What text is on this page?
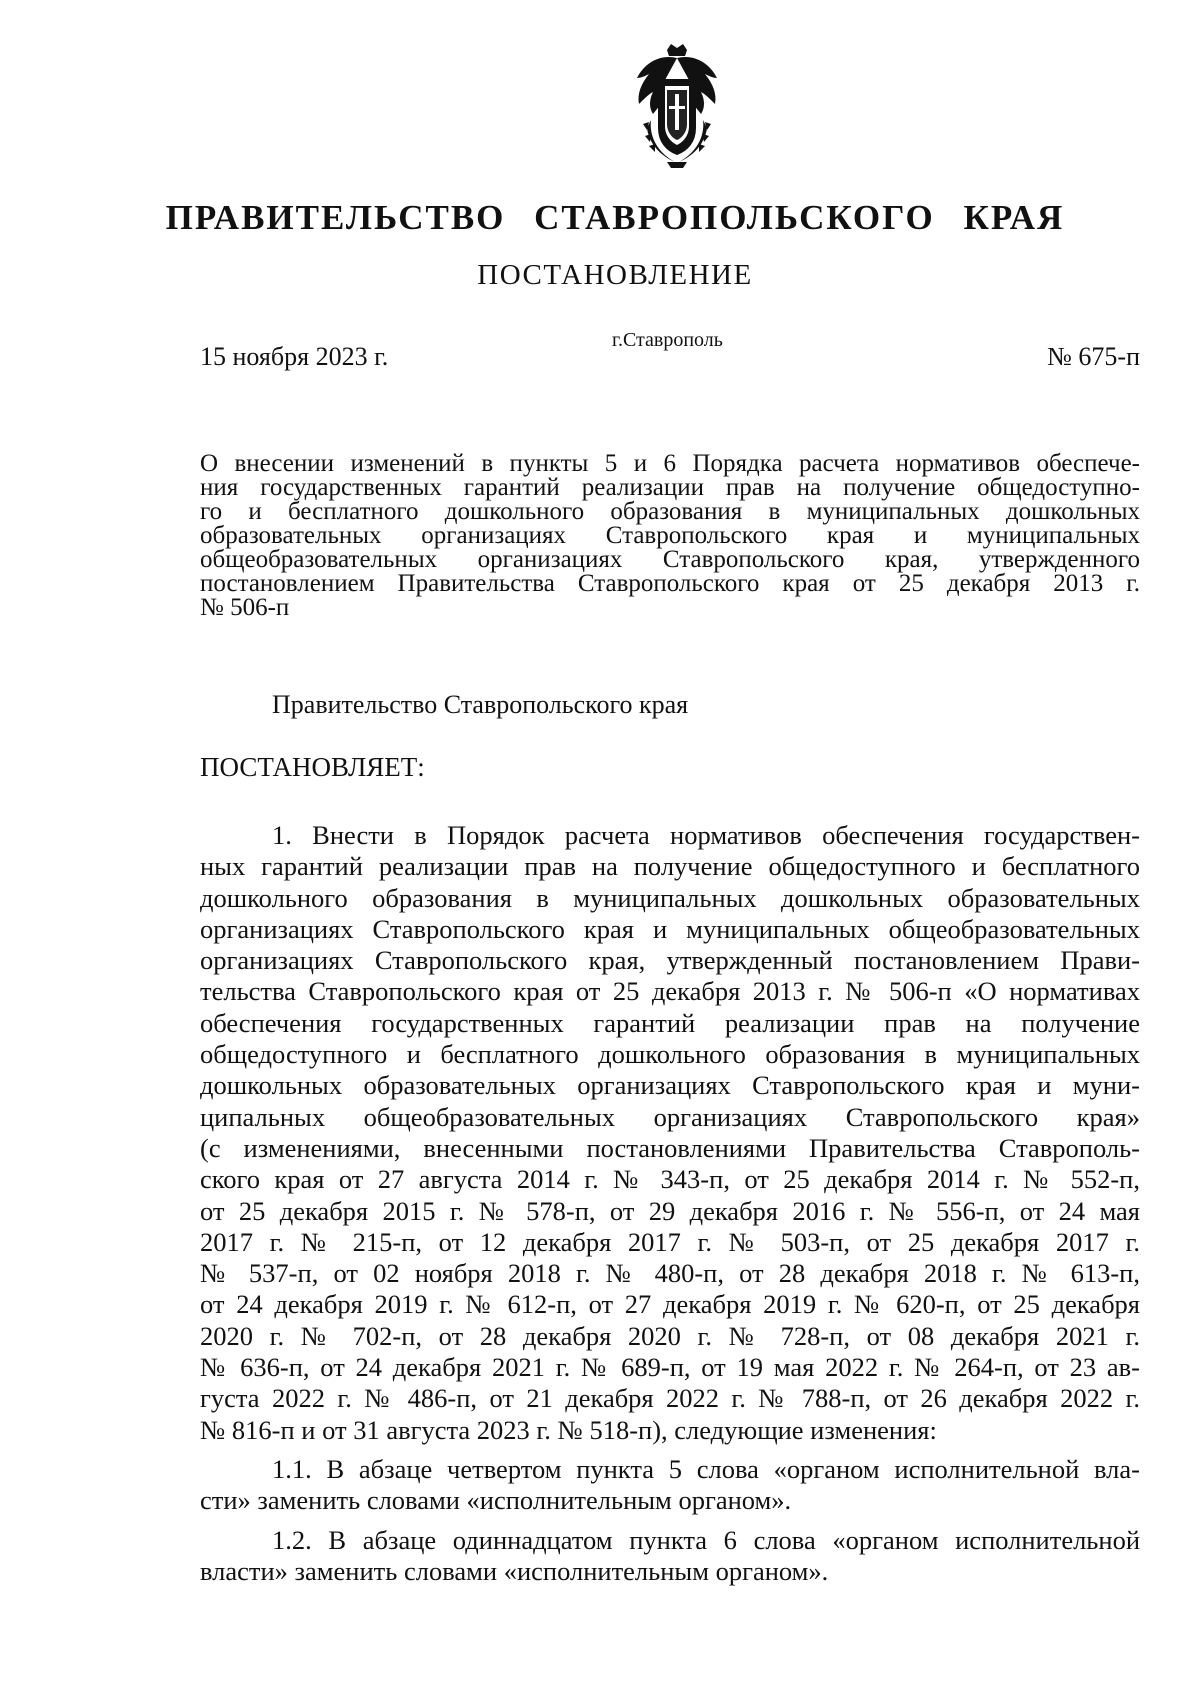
ПРАВИТЕЛЬСТВО СТАВРОПОЛЬСКОГО КРАЯ
ПОСТАНОВЛЕНИЕ
15 ноября 2023 г.
г.Ставрополь
№ 675-п
О внесении изменений в пункты 5 и 6 Порядка расчета нормативов обеспече-
ния государственных гарантий реализации прав на получение общедоступно-
го и бесплатного дошкольного образования в муниципальных дошкольных
образовательных организациях Ставропольского края и муниципальных
общеобразовательных организациях Ставропольского края, утвержденного
постановлением Правительства Ставропольского края от 25 декабря 2013 г.
№ 506-п
Правительство Ставропольского края
ПОСТАНОВЛЯЕТ:
1. Внести в Порядок расчета нормативов обеспечения государствен-
ных гарантий реализации прав на получение общедоступного и бесплатного
дошкольного образования в муниципальных дошкольных образовательных
организациях Ставропольского края и муниципальных общеобразовательных
организациях Ставропольского края, утвержденный постановлением Прави-
тельства Ставропольского края от 25 декабря 2013 г. № 506-п «О нормативах
обеспечения государственных гарантий реализации прав на получение
общедоступного и бесплатного дошкольного образования в муниципальных
дошкольных образовательных организациях Ставропольского края и муни-
ципальных общеобразовательных организациях Ставропольского края»
(с изменениями, внесенными постановлениями Правительства Ставрополь-
ского края от 27 августа 2014 г. № 343-п, от 25 декабря 2014 г. № 552-п,
от 25 декабря 2015 г. № 578-п, от 29 декабря 2016 г. № 556-п, от 24 мая
2017 г. № 215-п, от 12 декабря 2017 г. № 503-п, от 25 декабря 2017 г.
№ 537-п, от 02 ноября 2018 г. № 480-п, от 28 декабря 2018 г. № 613-п,
от 24 декабря 2019 г. № 612-п, от 27 декабря 2019 г. № 620-п, от 25 декабря
2020 г. № 702-п, от 28 декабря 2020 г. № 728-п, от 08 декабря 2021 г.
№ 636-п, от 24 декабря 2021 г. № 689-п, от 19 мая 2022 г. № 264-п, от 23 ав-
густа 2022 г. № 486-п, от 21 декабря 2022 г. № 788-п, от 26 декабря 2022 г.
№ 816-п и от 31 августа 2023 г. № 518-п), следующие изменения:
1.1. В абзаце четвертом пункта 5 слова «органом исполнительной вла-
сти» заменить словами «исполнительным органом».
1.2. В абзаце одиннадцатом пункта 6 слова «органом исполнительной
власти» заменить словами «исполнительным органом».
